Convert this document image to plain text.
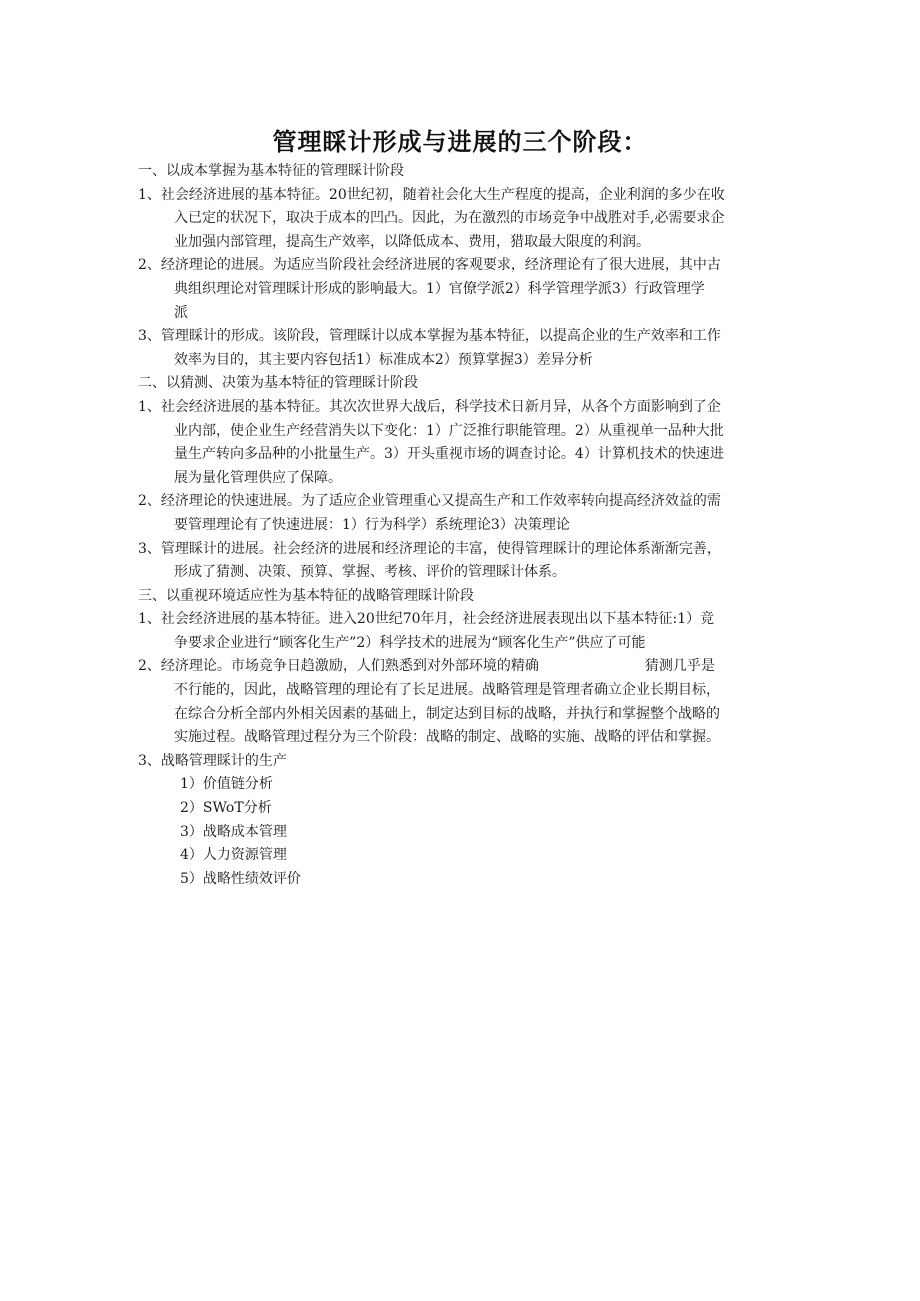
管理睬计形成与进展的三个阶段：
一、以成本掌握为基本特征的管理睬计阶段
1、社会经济进展的基本特征。20世纪初，随着社会化大生产程度的提高，企业利润的多少在收
入已定的状况下，取决于成本的凹凸。因此，为在激烈的市场竞争中战胜对手,必需要求企
业加强内部管理，提高生产效率，以降低成本、费用，猎取最大限度的利润。
2、经济理论的进展。为适应当阶段社会经济进展的客观要求，经济理论有了很大进展，其中古
典组织理论对管理睬计形成的影响最大。1）官僚学派2）科学管理学派3）行政管理学
派
3、管理睬计的形成。该阶段，管理睬计以成本掌握为基本特征，以提高企业的生产效率和工作
效率为目的，其主要内容包括1）标准成本2）预算掌握3）差异分析
二、以猜测、决策为基本特征的管理睬计阶段
1、社会经济进展的基本特征。其次次世界大战后，科学技术日新月异，从各个方面影响到了企
业内部，使企业生产经营消失以下变化：1）广泛推行职能管理。2）从重视单一品种大批
量生产转向多品种的小批量生产。3）开头重视市场的调查讨论。4）计算机技术的快速进
展为量化管理供应了保障。
2、经济理论的快速进展。为了适应企业管理重心又提高生产和工作效率转向提高经济效益的需
要管理理论有了快速进展：1）行为科学）系统理论3）决策理论
3、管理睬计的进展。社会经济的进展和经济理论的丰富，使得管理睬计的理论体系渐渐完善，
形成了猜测、决策、预算、掌握、考核、评价的管理睬计体系。
三、以重视环境适应性为基本特征的战略管理睬计阶段
1、社会经济进展的基本特征。进入20世纪70年月，社会经济进展表现出以下基本特征:1）竞
争要求企业进行“顾客化生产”2）科学技术的进展为“顾客化生产”供应了可能
2、经济理论。市场竞争日趋激励，人们熟悉到对外部环境的精确	猜测几乎是
不行能的，因此，战略管理的理论有了长足进展。战略管理是管理者确立企业长期目标，
在综合分析全部内外相关因素的基础上，制定达到目标的战略，并执行和掌握整个战略的
实施过程。战略管理过程分为三个阶段：战略的制定、战略的实施、战略的评估和掌握。
3、战略管理睬计的生产
1）价值链分析
2）SWoT分析
3）战略成本管理
4）人力资源管理
5）战略性绩效评价
